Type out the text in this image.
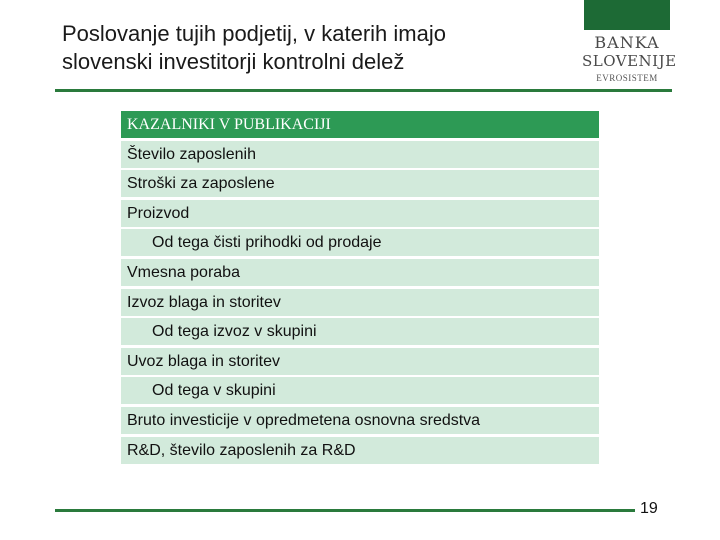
Poslovanje tujih podjetij, v katerih imajo
slovenski investitorji kontrolni delež
BANKA
SLOVENIJE
EVROSISTEM
KAZALNIKI V PUBLIKACIJI
Število zaposlenih
Stroški za zaposlene
Proizvod
Od tega čisti prihodki od prodaje
Vmesna poraba
Izvoz blaga in storitev
Od tega izvoz v skupini
Uvoz blaga in storitev
Od tega v skupini
Bruto investicije v opredmetena osnovna sredstva
R&D, število zaposlenih za R&D
19
